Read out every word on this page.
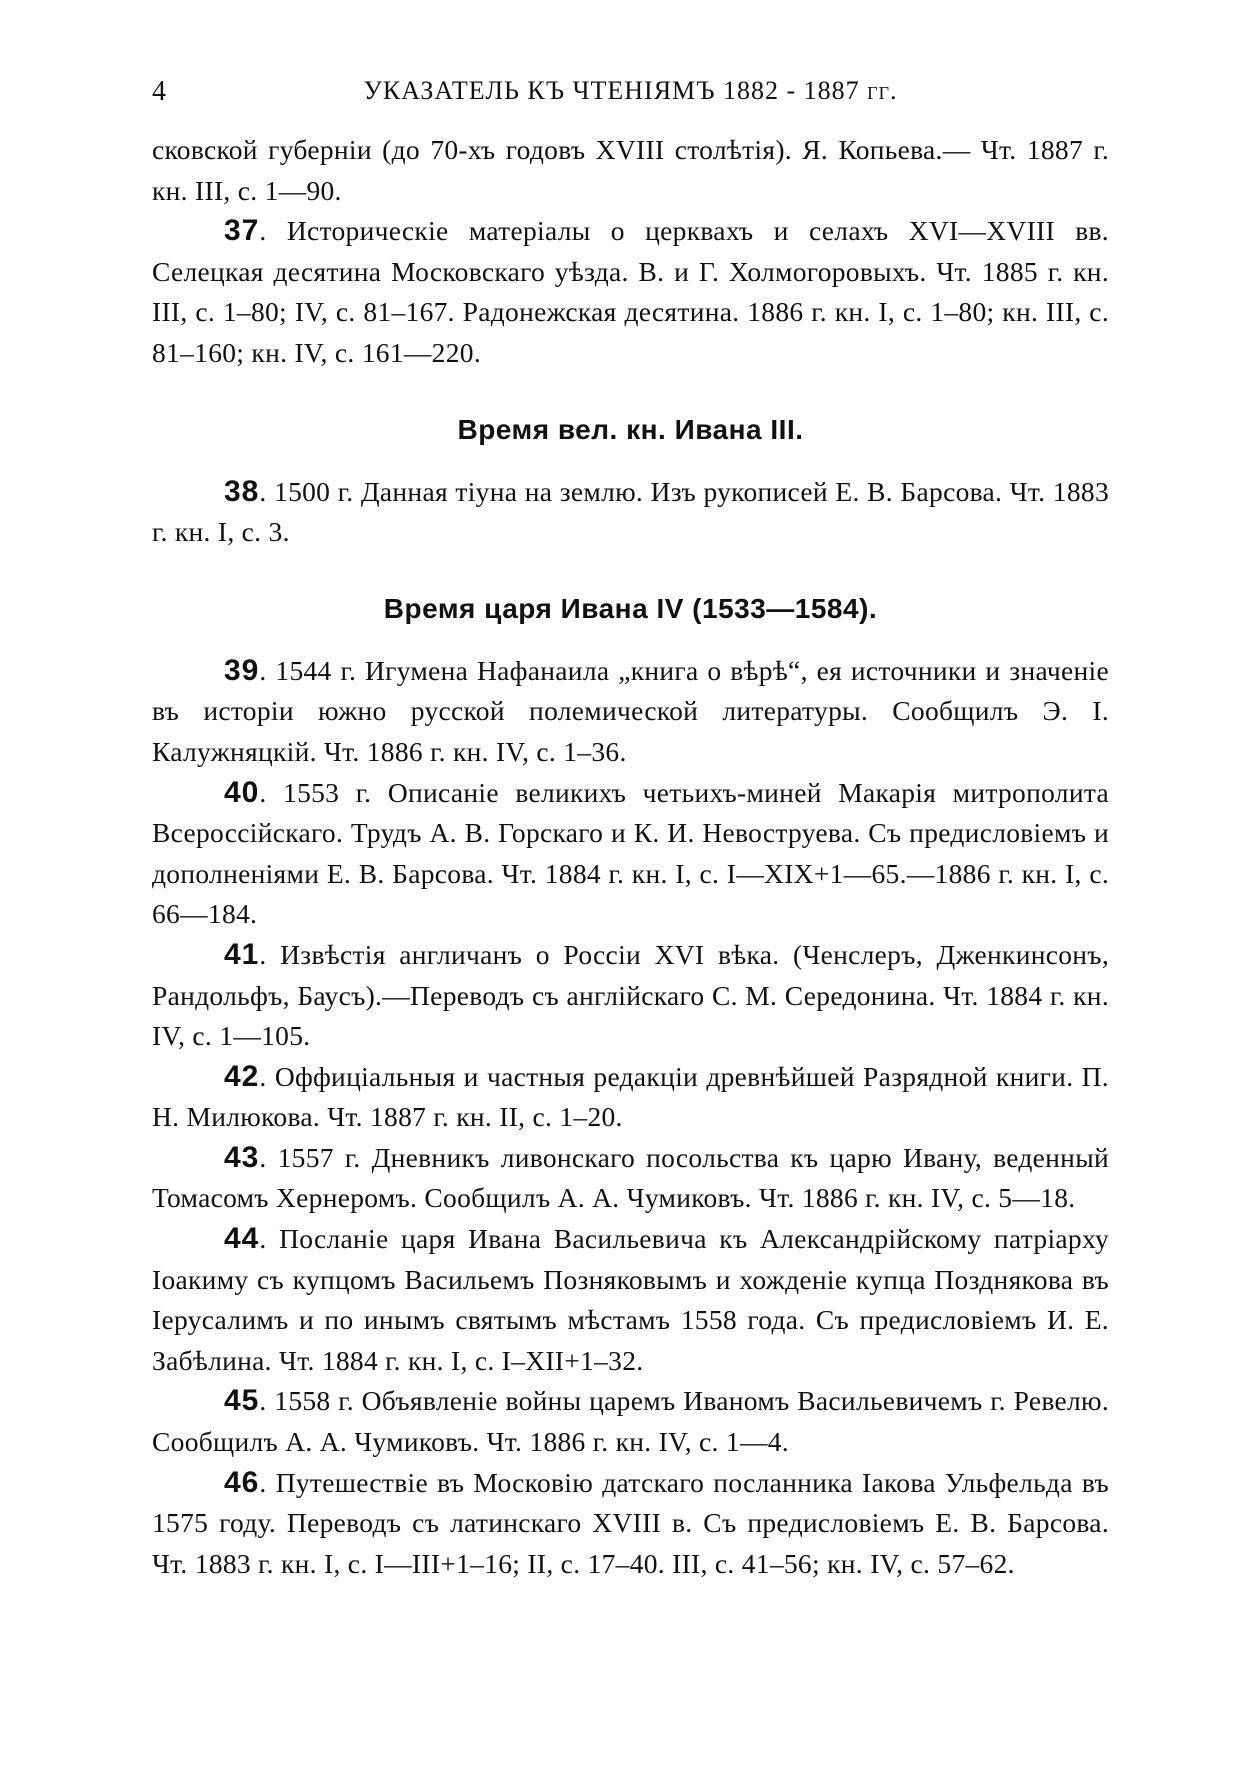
4	УКАЗАТЕЛЬ КЪ ЧТЕНІЯМЪ 1882 - 1887 гг.

сковской губерніи (до 70-хъ годовъ XVIII столѣтія). Я. Копьева.— Чт. 1887 г. кн. III, с. 1—90.

37. Историческіе матеріалы о церквахъ и селахъ XVI—XVIII вв. Селецкая десятина Московскаго уѣзда. В. и Г. Холмогоровыхъ. Чт. 1885 г. кн. III, с. 1–80; IV, с. 81–167. Радонежская десятина. 1886 г. кн. I, с. 1–80; кн. III, с. 81–160; кн. IV, с. 161—220.

Время вел. кн. Ивана III.

38. 1500 г. Данная тіуна на землю. Изъ рукописей Е. В. Барсова. Чт. 1883 г. кн. I, с. 3.

Время царя Ивана IV (1533—1584).

39. 1544 г. Игумена Нафанаила „книга о вѣрѣ“, ея источники и значеніе въ исторіи южно русской полемической литературы. Сообщилъ Э. I. Калужняцкій. Чт. 1886 г. кн. IV, с. 1–36.

40. 1553 г. Описаніе великихъ четьихъ-миней Макарія митрополита Всероссійскаго. Трудъ А. В. Горскаго и К. И. Невоструева. Съ предисловіемъ и дополненіями Е. В. Барсова. Чт. 1884 г. кн. I, с. I—XIX+1—65.—1886 г. кн. I, с. 66—184.

41. Извѣстія англичанъ о Россіи XVI вѣка. (Ченслеръ, Дженкинсонъ, Рандольфъ, Баусъ).—Переводъ съ англійскаго С. М. Середонина. Чт. 1884 г. кн. IV, с. 1—105.

42. Оффиціальныя и частныя редакціи древнѣйшей Разрядной книги. П. Н. Милюкова. Чт. 1887 г. кн. II, с. 1–20.

43. 1557 г. Дневникъ ливонскаго посольства къ царю Ивану, веденный Томасомъ Хернеромъ. Сообщилъ А. А. Чумиковъ. Чт. 1886 г. кн. IV, с. 5—18.

44. Посланіе царя Ивана Васильевича къ Александрійскому патріарху Іоакиму съ купцомъ Васильемъ Позняковымъ и хожденіе купца Позднякова въ Іерусалимъ и по инымъ святымъ мѣстамъ 1558 года. Съ предисловіемъ И. Е. Забѣлина. Чт. 1884 г. кн. I, с. I–XII+1–32.

45. 1558 г. Объявленіе войны царемъ Иваномъ Васильевичемъ г. Ревелю. Сообщилъ А. А. Чумиковъ. Чт. 1886 г. кн. IV, с. 1—4.

46. Путешествіе въ Московію датскаго посланника Іакова Ульфельда въ 1575 году. Переводъ съ латинскаго XVIII в. Съ предисловіемъ Е. В. Барсова. Чт. 1883 г. кн. I, с. I—III+1–16; II, с. 17–40. III, с. 41–56; кн. IV, с. 57–62.
